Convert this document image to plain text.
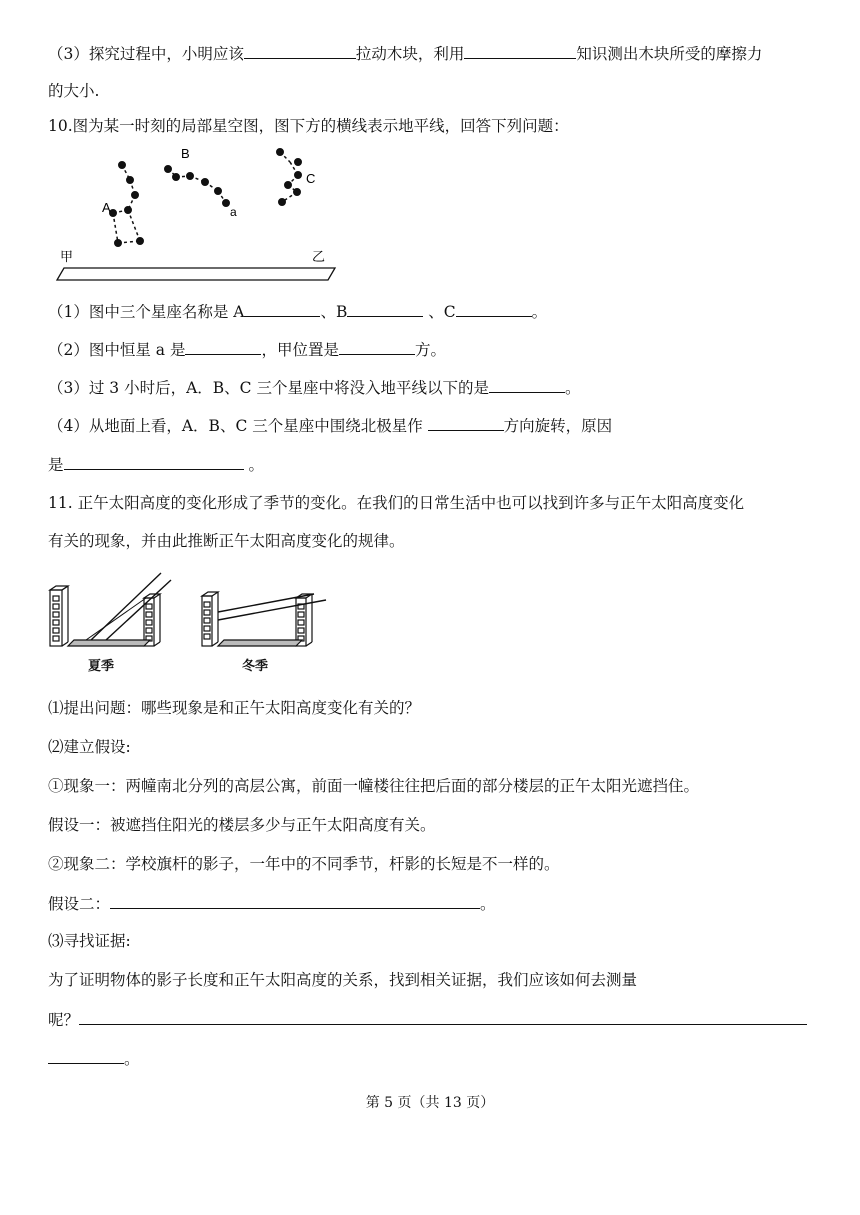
（3）探究过程中，小明应该	拉动木块，利用	知识测出木块所受的摩擦力
的大小.
10.图为某一时刻的局部星空图，图下方的横线表示地平线，回答下列问题：
A
B
C
a
甲	乙
（1）图中三个星座名称是 A	、B	、C	。
（2）图中恒星 a 是	，甲位置是	方。
（3）过 3 小时后，A．B、C 三个星座中将没入地平线以下的是	。
（4）从地面上看，A．B、C 三个星座中围绕北极星作	方向旋转，原因
是	。
11. 正午太阳高度的变化形成了季节的变化。在我们的日常生活中也可以找到许多与正午太阳高度变化
有关的现象，并由此推断正午太阳高度变化的规律。
夏季	冬季
⑴提出问题：哪些现象是和正午太阳高度变化有关的？
⑵建立假设:
①现象一：两幢南北分列的高层公寓，前面一幢楼往往把后面的部分楼层的正午太阳光遮挡住。
假设一：被遮挡住阳光的楼层多少与正午太阳高度有关。
②现象二：学校旗杆的影子，一年中的不同季节，杆影的长短是不一样的。
假设二：	。
⑶寻找证据:
为了证明物体的影子长度和正午太阳高度的关系，找到相关证据，我们应该如何去测量
呢？
。
第 5 页（共 13 页）
